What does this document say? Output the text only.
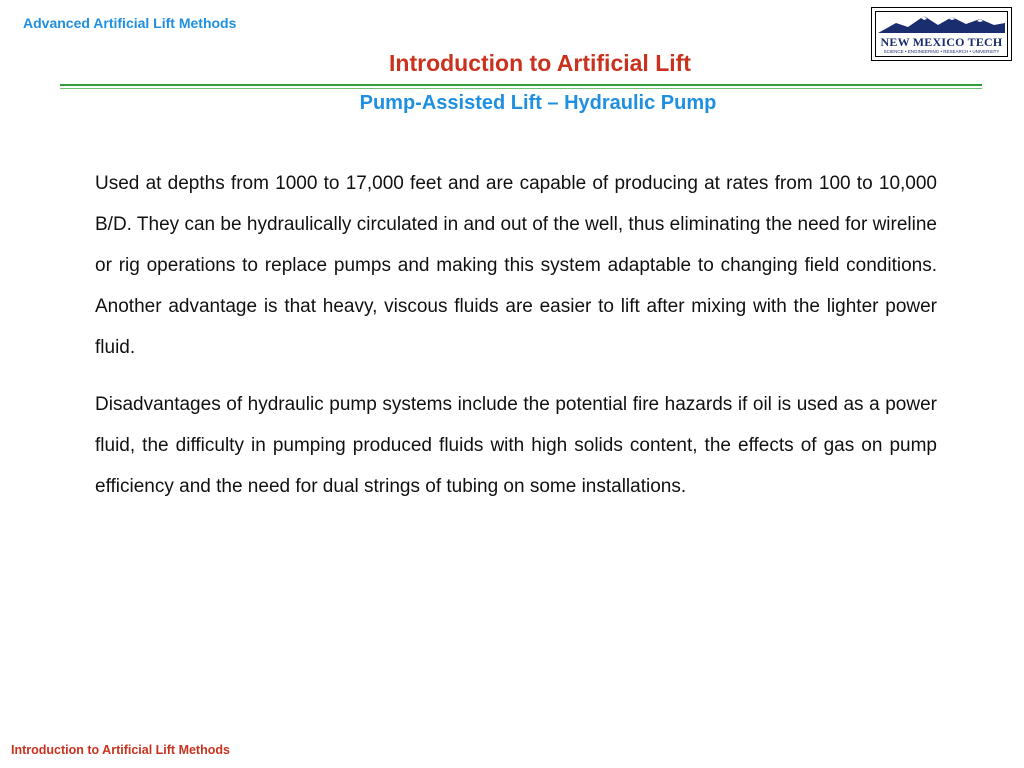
Advanced Artificial Lift Methods
NEW MEXICO TECH
SCIENCE • ENGINEERING • RESEARCH • UNIVERSITY
Introduction to Artificial Lift
Pump-Assisted Lift – Hydraulic Pump

Used at depths from 1000 to 17,000 feet and are capable of producing at rates from 100 to 10,000 B/D. They can be hydraulically circulated in and out of the well, thus eliminating the need for wireline or rig operations to replace pumps and making this system adaptable to changing field conditions. Another advantage is that heavy, viscous fluids are easier to lift after mixing with the lighter power fluid.

Disadvantages of hydraulic pump systems include the potential fire hazards if oil is used as a power fluid, the difficulty in pumping produced fluids with high solids content, the effects of gas on pump efficiency and the need for dual strings of tubing on some installations.

Introduction to Artificial Lift Methods
